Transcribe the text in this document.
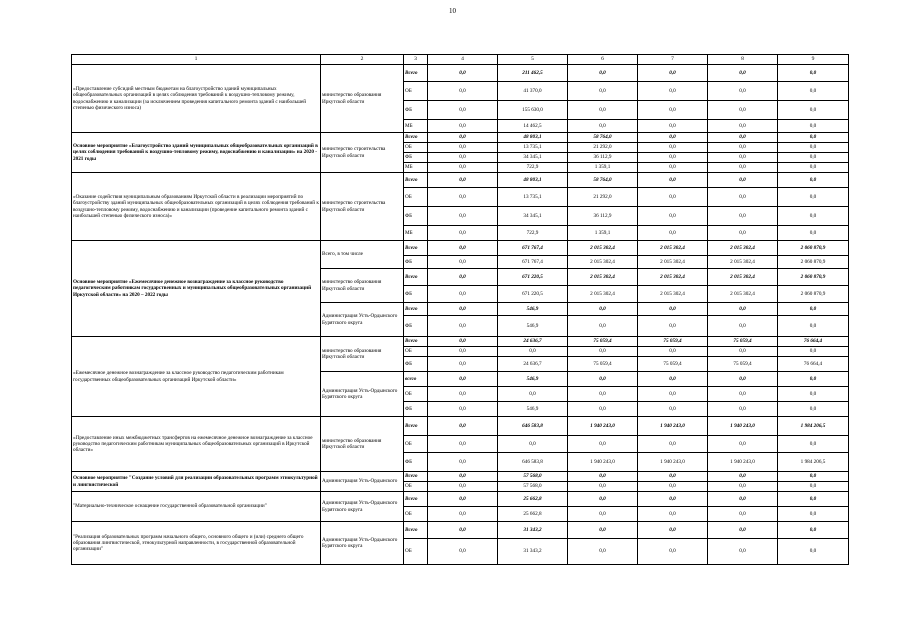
10
1	2	3	4	5	6	7	8	9
«Предоставление субсидий местным бюджетам на благоустройство зданий муниципальных общеобразовательных организаций в целях соблюдения требований к воздушно-тепловому режиму, водоснабжению и канализации (за исключением проведения капитального ремонта зданий с наибольшей степенью физического износа)	министерство образования Иркутской области	Всего	0,0	211 462,5	0,0	0,0	0,0	0,0
		ОБ	0,0	41 370,0	0,0	0,0	0,0	0,0
		ФБ	0,0	155 630,0	0,0	0,0	0,0	0,0
		МБ	0,0	14 462,5	0,0	0,0	0,0	0,0
Основное мероприятие «Благоустройство зданий муниципальных общеобразовательных организаций в целях соблюдения требований к воздушно-тепловому режиму, водоснабжению и канализации» на 2020 - 2021 годы	министерство строительства Иркутской области	Всего	0,0	48 803,1	58 764,0	0,0	0,0	0,0
		ОБ	0,0	13 735,1	21 292,0	0,0	0,0	0,0
		ФБ	0,0	34 345,1	36 112,9	0,0	0,0	0,0
		МБ	0,0	722,9	1 359,1	0,0	0,0	0,0
«Оказание содействия муниципальным образованиям Иркутской области в реализации мероприятий по благоустройству зданий муниципальных общеобразовательных организаций в целях соблюдения требований к воздушно-тепловому режиму, водоснабжению и канализации (проведение капитального ремонта зданий с наибольшей степенью физического износа)»	министерство строительства Иркутской области	Всего	0,0	48 803,1	58 764,0	0,0	0,0	0,0
		ОБ	0,0	13 735,1	21 292,0	0,0	0,0	0,0
		ФБ	0,0	34 345,1	36 112,9	0,0	0,0	0,0
		МБ	0,0	722,9	1 359,1	0,0	0,0	0,0
Основное мероприятие «Ежемесячное денежное вознаграждение за классное руководство педагогическим работникам государственных и муниципальных общеобразовательных организаций Иркутской области» на 2020 – 2022 годы	Всего, в том числе	Всего	0,0	671 767,4	2 015 302,4	2 015 302,4	2 015 302,4	2 060 870,9
		ФБ	0,0	671 767,4	2 015 302,4	2 015 302,4	2 015 302,4	2 060 870,9
	министерство образования Иркутской области	Всего	0,0	671 220,5	2 015 302,4	2 015 302,4	2 015 302,4	2 060 870,9
		ФБ	0,0	671 220,5	2 015 302,4	2 015 302,4	2 015 302,4	2 060 870,9
	Администрация Усть-Ордынского Бурятского округа	Всего	0,0	546,9	0,0	0,0	0,0	0,0
		ФБ	0,0	546,9	0,0	0,0	0,0	0,0
«Ежемесячное денежное вознаграждение за классное руководство педагогическим работникам государственных общеобразовательных организаций Иркутской области»	министерство образования Иркутской области	Всего	0,0	24 636,7	75 059,4	75 059,4	75 059,4	76 664,4
		ОБ	0,0	0,0	0,0	0,0	0,0	0,0
		ФБ	0,0	24 636,7	75 059,4	75 059,4	75 059,4	76 664,4
	Администрация Усть-Ордынского Бурятского округа	всего	0,0	546,9	0,0	0,0	0,0	0,0
		ОБ	0,0	0,0	0,0	0,0	0,0	0,0
		ФБ	0,0	546,9	0,0	0,0	0,0	0,0
«Предоставление иных межбюджетных трансфертов на ежемесячное денежное вознаграждение за классное руководство педагогическим работникам муниципальных общеобразовательных организаций в Иркутской области»	министерство образования Иркутской области	Всего	0,0	646 583,8	1 940 243,0	1 940 243,0	1 940 243,0	1 984 206,5
		ОБ	0,0	0,0	0,0	0,0	0,0	0,0
		ФБ	0,0	646 583,8	1 940 243,0	1 940 243,0	1 940 243,0	1 984 206,5
Основное мероприятие "Создание условий для реализации образовательных программ этнокультурной и лингвистической	Администрация Усть-Ордынского	Всего	0,0	57 568,0	0,0	0,0	0,0	0,0
		ОБ	0,0	57 568,0	0,0	0,0	0,0	0,0
"Материально-техническое оснащение государственной образовательной организации"	Администрация Усть-Ордынского Бурятского округа	Всего	0,0	25 662,8	0,0	0,0	0,0	0,0
		ОБ	0,0	25 662,8	0,0	0,0	0,0	0,0
"Реализация образовательных программ начального общего, основного общего и (или) среднего общего образования лингвистической, этнокультурной направленности, в государственной образовательной организации"	Администрация Усть-Ордынского Бурятского округа	Всего	0,0	31 343,2	0,0	0,0	0,0	0,0
		ОБ	0,0	31 343,2	0,0	0,0	0,0	0,0
